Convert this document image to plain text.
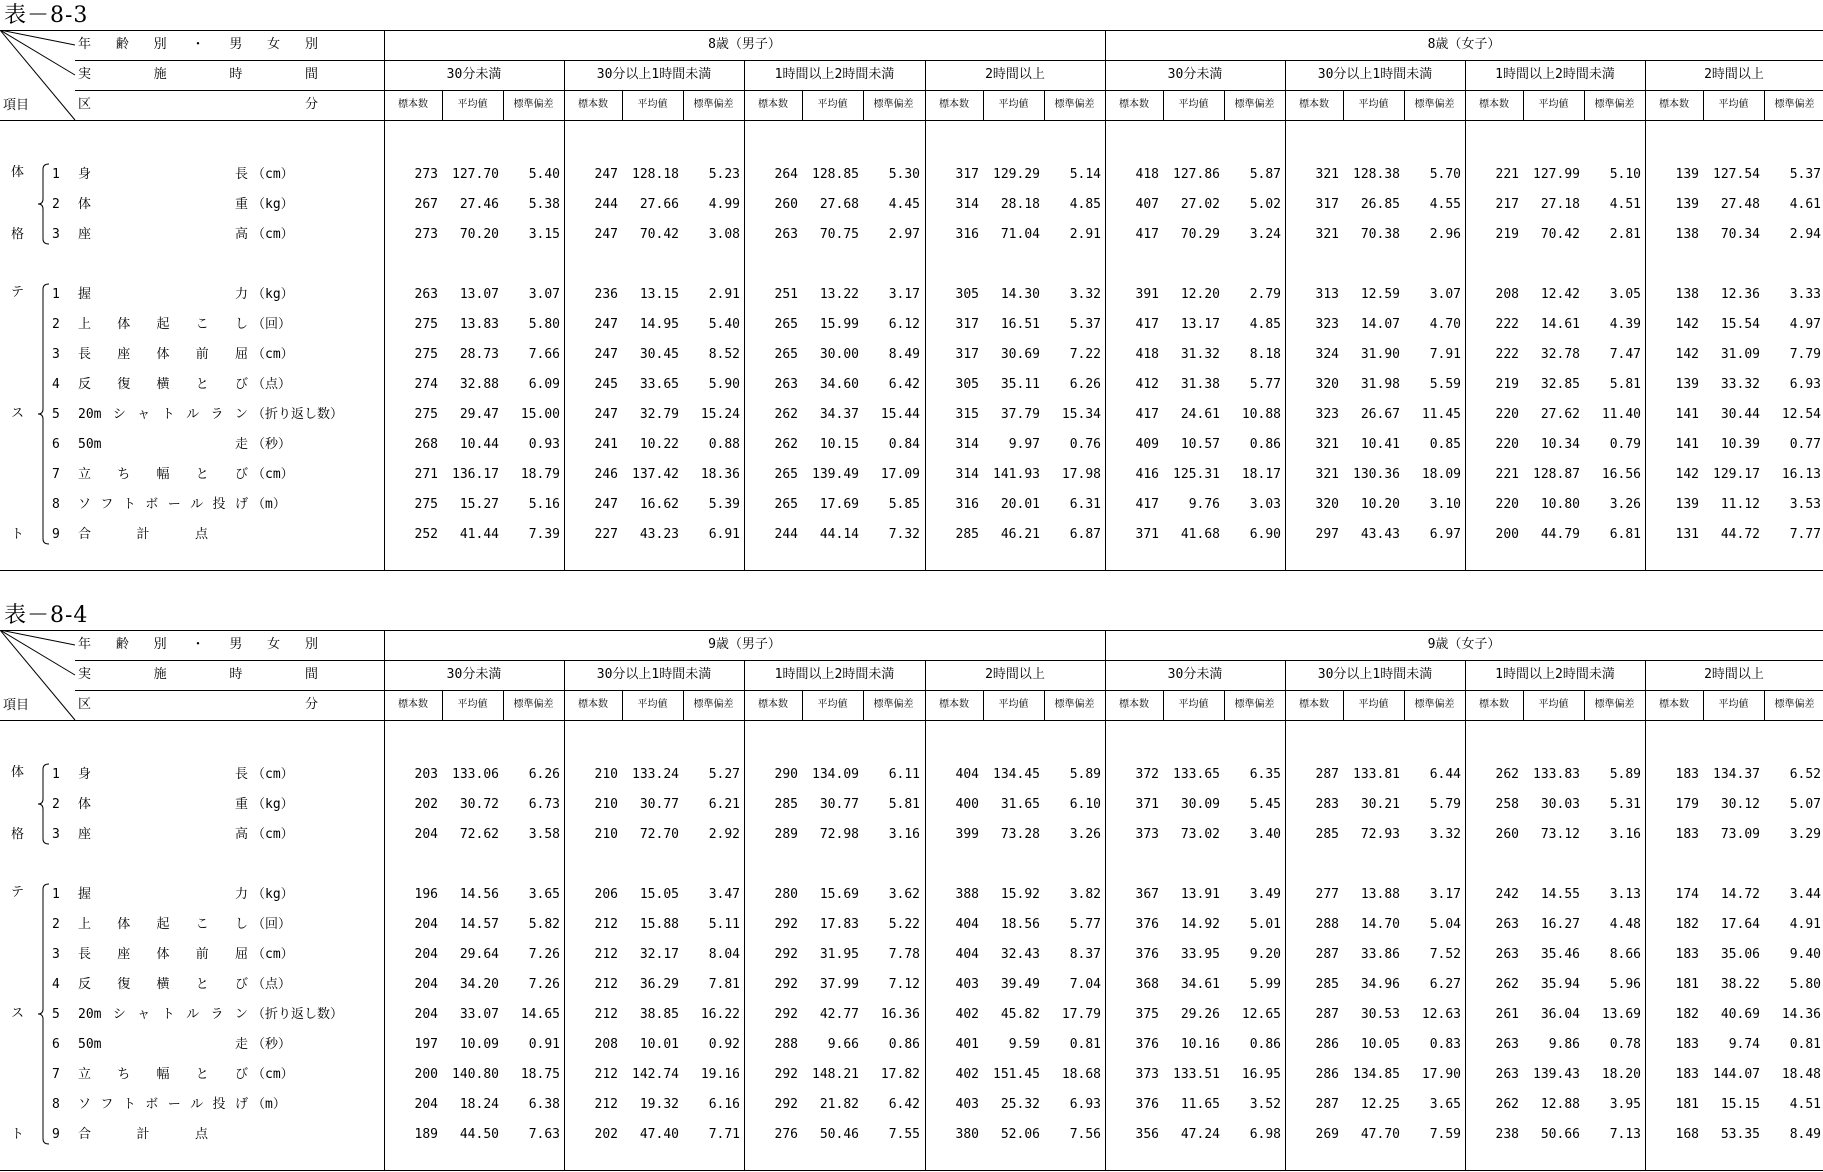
表－8-3
年 齢 別 ・ 男 女 別
実	施	時	間
区	分
項目
8歳（男子）	8歳（女子）
30分未満	30分以上1時間未満	1時間以上2時間未満	2時間以上	30分未満	30分以上1時間未満	1時間以上2時間未満	2時間以上
標本数	平均値	標準偏差	標本数	平均値	標準偏差	標本数	平均値	標準偏差	標本数	平均値	標準偏差	標本数	平均値	標準偏差	標本数	平均値	標準偏差	標本数	平均値	標準偏差	標本数	平均値	標準偏差
体
格
テ
ス
ト
1 身	長 （cm）	273	127.70	5.40	247	128.18	5.23	264	128.85	5.30	317	129.29	5.14	418	127.86	5.87	321	128.38	5.70	221	127.99	5.10	139	127.54	5.37
2 体	重 （kg）	267	27.46	5.38	244	27.66	4.99	260	27.68	4.45	314	28.18	4.85	407	27.02	5.02	317	26.85	4.55	217	27.18	4.51	139	27.48	4.61
3 座	高 （cm）	273	70.20	3.15	247	70.42	3.08	263	70.75	2.97	316	71.04	2.91	417	70.29	3.24	321	70.38	2.96	219	70.42	2.81	138	70.34	2.94
1 握	力 （kg）	263	13.07	3.07	236	13.15	2.91	251	13.22	3.17	305	14.30	3.32	391	12.20	2.79	313	12.59	3.07	208	12.42	3.05	138	12.36	3.33
2 上 体 起 こ し （回）	275	13.83	5.80	247	14.95	5.40	265	15.99	6.12	317	16.51	5.37	417	13.17	4.85	323	14.07	4.70	222	14.61	4.39	142	15.54	4.97
3 長 座 体 前 屈 （cm）	275	28.73	7.66	247	30.45	8.52	265	30.00	8.49	317	30.69	7.22	418	31.32	8.18	324	31.90	7.91	222	32.78	7.47	142	31.09	7.79
4 反 復 横 と び （点）	274	32.88	6.09	245	33.65	5.90	263	34.60	6.42	305	35.11	6.26	412	31.38	5.77	320	31.98	5.59	219	32.85	5.81	139	33.32	6.93
5 20m シ ャ ト ル ラ ン （折り返し数）	275	29.47	15.00	247	32.79	15.24	262	34.37	15.44	315	37.79	15.34	417	24.61	10.88	323	26.67	11.45	220	27.62	11.40	141	30.44	12.54
6 50m	走 （秒）	268	10.44	0.93	241	10.22	0.88	262	10.15	0.84	314	9.97	0.76	409	10.57	0.86	321	10.41	0.85	220	10.34	0.79	141	10.39	0.77
7 立 ち 幅 と び （cm）	271	136.17	18.79	246	137.42	18.36	265	139.49	17.09	314	141.93	17.98	416	125.31	18.17	321	130.36	18.09	221	128.87	16.56	142	129.17	16.13
8 ソ フ ト ボ ー ル 投 げ （m）	275	15.27	5.16	247	16.62	5.39	265	17.69	5.85	316	20.01	6.31	417	9.76	3.03	320	10.20	3.10	220	10.80	3.26	139	11.12	3.53
9 合	計	点	252	41.44	7.39	227	43.23	6.91	244	44.14	7.32	285	46.21	6.87	371	41.68	6.90	297	43.43	6.97	200	44.79	6.81	131	44.72	7.77
表－8-4
年 齢 別 ・ 男 女 別
実	施	時	間
区	分
項目
9歳（男子）	9歳（女子）
30分未満	30分以上1時間未満	1時間以上2時間未満	2時間以上	30分未満	30分以上1時間未満	1時間以上2時間未満	2時間以上
標本数	平均値	標準偏差	標本数	平均値	標準偏差	標本数	平均値	標準偏差	標本数	平均値	標準偏差	標本数	平均値	標準偏差	標本数	平均値	標準偏差	標本数	平均値	標準偏差	標本数	平均値	標準偏差
体
格
テ
ス
ト
1 身	長 （cm）	203	133.06	6.26	210	133.24	5.27	290	134.09	6.11	404	134.45	5.89	372	133.65	6.35	287	133.81	6.44	262	133.83	5.89	183	134.37	6.52
2 体	重 （kg）	202	30.72	6.73	210	30.77	6.21	285	30.77	5.81	400	31.65	6.10	371	30.09	5.45	283	30.21	5.79	258	30.03	5.31	179	30.12	5.07
3 座	高 （cm）	204	72.62	3.58	210	72.70	2.92	289	72.98	3.16	399	73.28	3.26	373	73.02	3.40	285	72.93	3.32	260	73.12	3.16	183	73.09	3.29
1 握	力 （kg）	196	14.56	3.65	206	15.05	3.47	280	15.69	3.62	388	15.92	3.82	367	13.91	3.49	277	13.88	3.17	242	14.55	3.13	174	14.72	3.44
2 上 体 起 こ し （回）	204	14.57	5.82	212	15.88	5.11	292	17.83	5.22	404	18.56	5.77	376	14.92	5.01	288	14.70	5.04	263	16.27	4.48	182	17.64	4.91
3 長 座 体 前 屈 （cm）	204	29.64	7.26	212	32.17	8.04	292	31.95	7.78	404	32.43	8.37	376	33.95	9.20	287	33.86	7.52	263	35.46	8.66	183	35.06	9.40
4 反 復 横 と び （点）	204	34.20	7.26	212	36.29	7.81	292	37.99	7.12	403	39.49	7.04	368	34.61	5.99	285	34.96	6.27	262	35.94	5.96	181	38.22	5.80
5 20m シ ャ ト ル ラ ン （折り返し数）	204	33.07	14.65	212	38.85	16.22	292	42.77	16.36	402	45.82	17.79	375	29.26	12.65	287	30.53	12.63	261	36.04	13.69	182	40.69	14.36
6 50m	走 （秒）	197	10.09	0.91	208	10.01	0.92	288	9.66	0.86	401	9.59	0.81	376	10.16	0.86	286	10.05	0.83	263	9.86	0.78	183	9.74	0.81
7 立 ち 幅 と び （cm）	200	140.80	18.75	212	142.74	19.16	292	148.21	17.82	402	151.45	18.68	373	133.51	16.95	286	134.85	17.90	263	139.43	18.20	183	144.07	18.48
8 ソ フ ト ボ ー ル 投 げ （m）	204	18.24	6.38	212	19.32	6.16	292	21.82	6.42	403	25.32	6.93	376	11.65	3.52	287	12.25	3.65	262	12.88	3.95	181	15.15	4.51
9 合	計	点	189	44.50	7.63	202	47.40	7.71	276	50.46	7.55	380	52.06	7.56	356	47.24	6.98	269	47.70	7.59	238	50.66	7.13	168	53.35	8.49
